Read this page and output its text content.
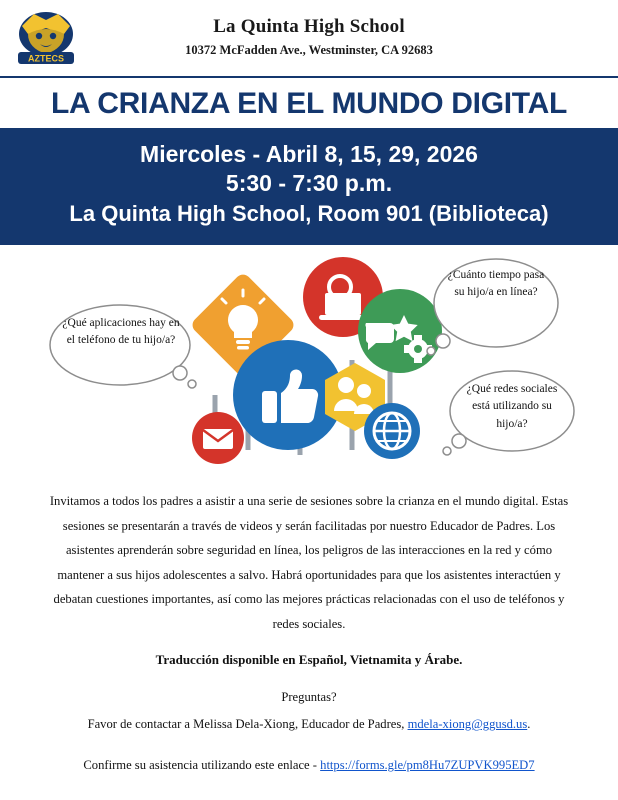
AZTECS
La Quinta High School
10372 McFadden Ave., Westminster, CA 92683
LA CRIANZA EN EL MUNDO DIGITAL
Miercoles - Abril 8, 15, 29, 2026
5:30 - 7:30 p.m.
La Quinta High School, Room 901 (Biblioteca)
¿Qué aplicaciones hay en el teléfono de tu hijo/a?
¿Cuánto tiempo pasa su hijo/a en línea?
¿Qué redes sociales está utilizando su hijo/a?
Invitamos a todos los padres a asistir a una serie de sesiones sobre la crianza en el mundo digital. Estas sesiones se presentarán a través de videos y serán facilitadas por nuestro Educador de Padres. Los asistentes aprenderán sobre seguridad en línea, los peligros de las interacciones en la red y cómo mantener a sus hijos adolescentes a salvo. Habrá oportunidades para que los asistentes interactúen y debatan cuestiones importantes, así como las mejores prácticas relacionadas con el uso de teléfonos y redes sociales.
Traducción disponible en Español, Vietnamita y Árabe.
Preguntas?
Favor de contactar a Melissa Dela-Xiong, Educador de Padres, mdela-xiong@ggusd.us.
Confirme su asistencia utilizando este enlace - https://forms.gle/pm8Hu7ZUPVK995ED7
